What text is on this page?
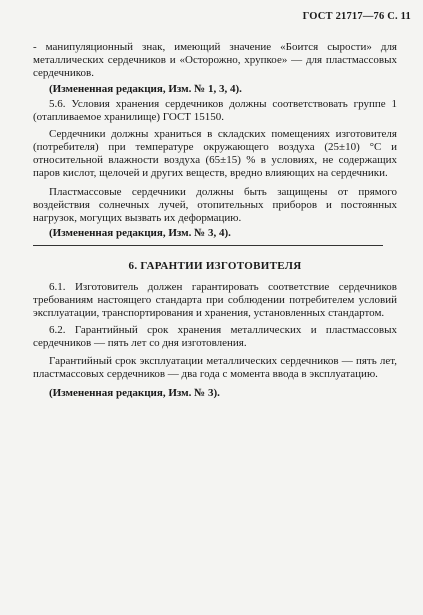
ГОСТ 21717—76 С. 11

- манипуляционный знак, имеющий значение «Боится сырости» для металлических сердечников и «Осторожно, хрупкое» — для пластмассовых сердечников.

(Измененная редакция, Изм. № 1, 3, 4).

5.6. Условия хранения сердечников должны соответствовать группе 1 (отапливаемое хранилище) ГОСТ 15150.

Сердечники должны храниться в складских помещениях изготовителя (потребителя) при температуре окружающего воздуха (25±10) °С и относительной влажности воздуха (65±15) % в условиях, не содержащих паров кислот, щелочей и других веществ, вредно влияющих на сердечники.

Пластмассовые сердечники должны быть защищены от прямого воздействия солнечных лучей, отопительных приборов и постоянных нагрузок, могущих вызвать их деформацию.

(Измененная редакция, Изм. № 3, 4).

6. ГАРАНТИИ ИЗГОТОВИТЕЛЯ

6.1. Изготовитель должен гарантировать соответствие сердечников требованиям настоящего стандарта при соблюдении потребителем условий эксплуатации, транспортирования и хранения, установленных стандартом.

6.2. Гарантийный срок хранения металлических и пластмассовых сердечников — пять лет со дня изготовления.

Гарантийный срок эксплуатации металлических сердечников — пять лет, пластмассовых сердечников — два года с момента ввода в эксплуатацию.

(Измененная редакция, Изм. № 3).
